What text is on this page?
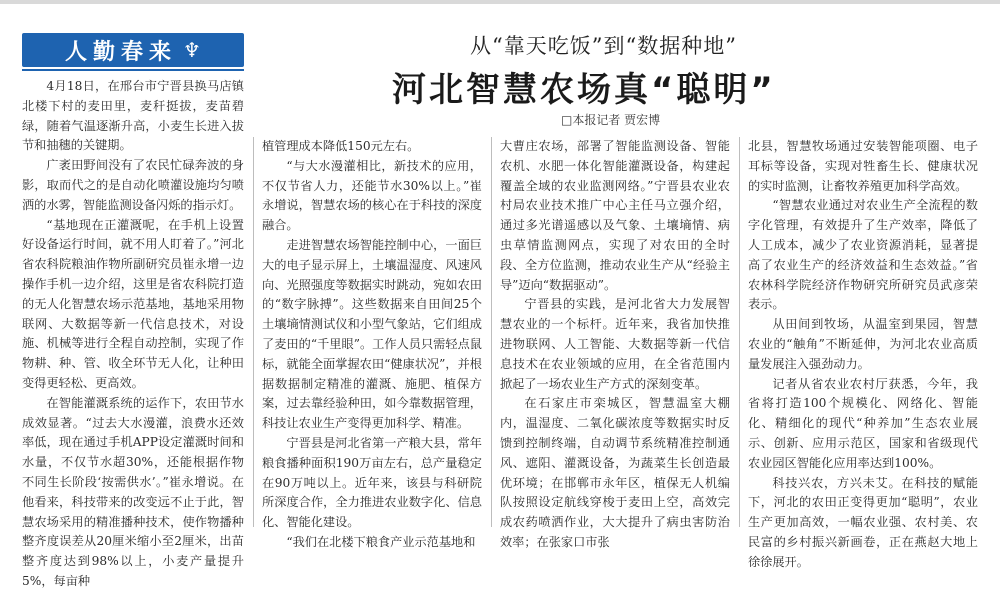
人勤春来 ♆	从“靠天吃饭”到“数据种地”
河北智慧农场真“聪明”
□本报记者 贾宏博

4月18日，在邢台市宁晋县换马店镇北楼下村的麦田里，麦秆挺拔，麦苗碧绿，随着气温逐渐升高，小麦生长进入拔节和抽穗的关键期。

广袤田野间没有了农民忙碌奔波的身影，取而代之的是自动化喷灌设施均匀喷洒的水雾，智能监测设备闪烁的指示灯。

“基地现在正灌溉呢，在手机上设置好设备运行时间，就不用人盯着了。”河北省农科院粮油作物所副研究员崔永增一边操作手机一边介绍，这里是省农科院打造的无人化智慧农场示范基地，基地采用物联网、大数据等新一代信息技术，对设施、机械等进行全程自动控制，实现了作物耕、种、管、收全环节无人化，让种田变得更轻松、更高效。

在智能灌溉系统的运作下，农田节水成效显著。“过去大水漫灌，浪费水还效率低，现在通过手机APP设定灌溉时间和水量，不仅节水超30%，还能根据作物不同生长阶段‘按需供水’。”崔永增说。在他看来，科技带来的改变远不止于此，智慧农场采用的精准播种技术，使作物播种整齐度误差从20厘米缩小至2厘米，出苗整齐度达到98%以上，小麦产量提升5%，每亩种

植管理成本降低150元左右。

“与大水漫灌相比，新技术的应用，不仅节省人力，还能节水30%以上。”崔永增说，智慧农场的核心在于科技的深度融合。

走进智慧农场智能控制中心，一面巨大的电子显示屏上，土壤温湿度、风速风向、光照强度等数据实时跳动，宛如农田的“数字脉搏”。这些数据来自田间25个土壤墒情测试仪和小型气象站，它们组成了麦田的“千里眼”。工作人员只需轻点鼠标，就能全面掌握农田“健康状况”，并根据数据制定精准的灌溉、施肥、植保方案，过去靠经验种田，如今靠数据管理，科技让农业生产变得更加科学、精准。

宁晋县是河北省第一产粮大县，常年粮食播种面积190万亩左右，总产量稳定在90万吨以上。近年来，该县与科研院所深度合作，全力推进农业数字化、信息化、智能化建设。

“我们在北楼下粮食产业示范基地和

大曹庄农场，部署了智能监测设备、智能农机、水肥一体化智能灌溉设备，构建起覆盖全域的农业监测网络。”宁晋县农业农村局农业技术推广中心主任马立强介绍，通过多光谱遥感以及气象、土壤墒情、病虫草情监测网点，实现了对农田的全时段、全方位监测，推动农业生产从“经验主导”迈向“数据驱动”。

宁晋县的实践，是河北省大力发展智慧农业的一个标杆。近年来，我省加快推进物联网、人工智能、大数据等新一代信息技术在农业领域的应用，在全省范围内掀起了一场农业生产方式的深刻变革。

在石家庄市栾城区，智慧温室大棚内，温湿度、二氧化碳浓度等数据实时反馈到控制终端，自动调节系统精准控制通风、遮阳、灌溉设备，为蔬菜生长创造最优环境；在邯郸市永年区，植保无人机编队按照设定航线穿梭于麦田上空，高效完成农药喷洒作业，大大提升了病虫害防治效率；在张家口市张

北县，智慧牧场通过安装智能项圈、电子耳标等设备，实现对牲畜生长、健康状况的实时监测，让畜牧养殖更加科学高效。

“智慧农业通过对农业生产全流程的数字化管理，有效提升了生产效率，降低了人工成本，减少了农业资源消耗，显著提高了农业生产的经济效益和生态效益。”省农林科学院经济作物研究所研究员武彦荣表示。

从田间到牧场，从温室到果园，智慧农业的“触角”不断延伸，为河北农业高质量发展注入强劲动力。

记者从省农业农村厅获悉，今年，我省将打造100个规模化、网络化、智能化、精细化的现代“种养加”生态农业展示、创新、应用示范区，国家和省级现代农业园区智能化应用率达到100%。

科技兴农，方兴未艾。在科技的赋能下，河北的农田正变得更加“聪明”，农业生产更加高效，一幅农业强、农村美、农民富的乡村振兴新画卷，正在燕赵大地上徐徐展开。
